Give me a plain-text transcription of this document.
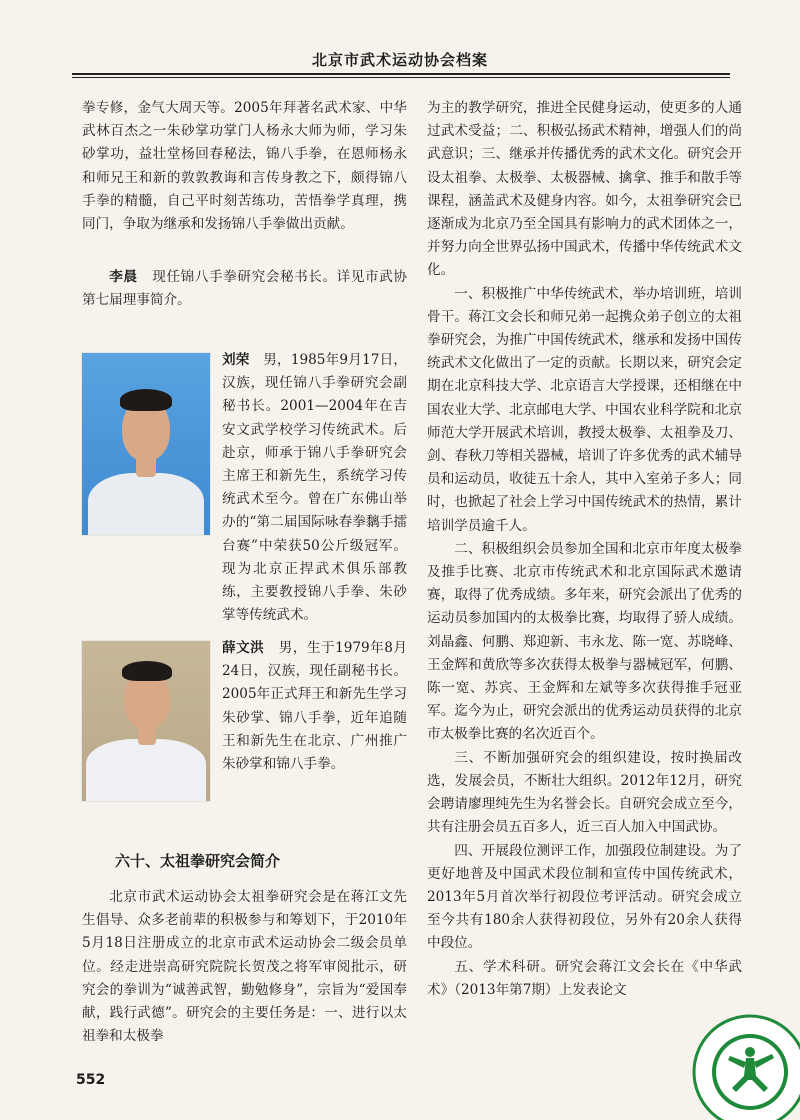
北京市武术运动协会档案

拳专修，金气大周天等。2005年拜著名武术家、中华武林百杰之一朱砂掌功掌门人杨永大师为师，学习朱砂掌功，益壮堂杨回春秘法，锦八手拳，在恩师杨永和师兄王和新的敦敦教诲和言传身教之下，颇得锦八手拳的精髓，自己平时刻苦练功，苦悟拳学真理，携同门，争取为继承和发扬锦八手拳做出贡献。

李晨 现任锦八手拳研究会秘书长。详见市武协第七届理事简介。

刘荣 男，1985年9月17日，汉族，现任锦八手拳研究会副秘书长。2001—2004年在吉安文武学校学习传统武术。后赴京，师承于锦八手拳研究会主席王和新先生，系统学习传统武术至今。曾在广东佛山举办的“第二届国际咏春拳黐手擂台赛”中荣获50公斤级冠军。现为北京正捍武术俱乐部教练，主要教授锦八手拳、朱砂掌等传统武术。

薛文洪 男，生于1979年8月24日，汉族，现任副秘书长。2005年正式拜王和新先生学习朱砂掌、锦八手拳，近年追随王和新先生在北京、广州推广朱砂掌和锦八手拳。

六十、太祖拳研究会简介

北京市武术运动协会太祖拳研究会是在蒋江文先生倡导、众多老前辈的积极参与和筹划下，于2010年5月18日注册成立的北京市武术运动协会二级会员单位。经走进崇高研究院院长贺茂之将军审阅批示，研究会的拳训为“诚善武智，勤勉修身”，宗旨为“爱国奉献，践行武德”。研究会的主要任务是：一、进行以太祖拳和太极拳

为主的教学研究，推进全民健身运动，使更多的人通过武术受益；二、积极弘扬武术精神，增强人们的尚武意识；三、继承并传播优秀的武术文化。研究会开设太祖拳、太极拳、太极器械、擒拿、推手和散手等课程，涵盖武术及健身内容。如今，太祖拳研究会已逐渐成为北京乃至全国具有影响力的武术团体之一，并努力向全世界弘扬中国武术，传播中华传统武术文化。

一、积极推广中华传统武术，举办培训班，培训骨干。蒋江文会长和师兄弟一起携众弟子创立的太祖拳研究会，为推广中国传统武术，继承和发扬中国传统武术文化做出了一定的贡献。长期以来，研究会定期在北京科技大学、北京语言大学授课，还相继在中国农业大学、北京邮电大学、中国农业科学院和北京师范大学开展武术培训，教授太极拳、太祖拳及刀、剑、春秋刀等相关器械，培训了许多优秀的武术辅导员和运动员，收徒五十余人，其中入室弟子多人；同时，也掀起了社会上学习中国传统武术的热情，累计培训学员逾千人。

二、积极组织会员参加全国和北京市年度太极拳及推手比赛、北京市传统武术和北京国际武术邀请赛，取得了优秀成绩。多年来，研究会派出了优秀的运动员参加国内的太极拳比赛，均取得了骄人成绩。刘晶鑫、何鹏、郑迎新、韦永龙、陈一宽、苏晓峰、王金辉和黄欣等多次获得太极拳与器械冠军，何鹏、陈一宽、苏宾、王金辉和左斌等多次获得推手冠亚军。迄今为止，研究会派出的优秀运动员获得的北京市太极拳比赛的名次近百个。

三、不断加强研究会的组织建设，按时换届改选，发展会员，不断壮大组织。2012年12月，研究会聘请廖理纯先生为名誉会长。自研究会成立至今，共有注册会员五百多人，近三百人加入中国武协。

四、开展段位测评工作，加强段位制建设。为了更好地普及中国武术段位制和宣传中国传统武术，2013年5月首次举行初段位考评活动。研究会成立至今共有180余人获得初段位，另外有20余人获得中段位。

五、学术科研。研究会蒋江文会长在《中华武术》（2013年第7期）上发表论文

552
